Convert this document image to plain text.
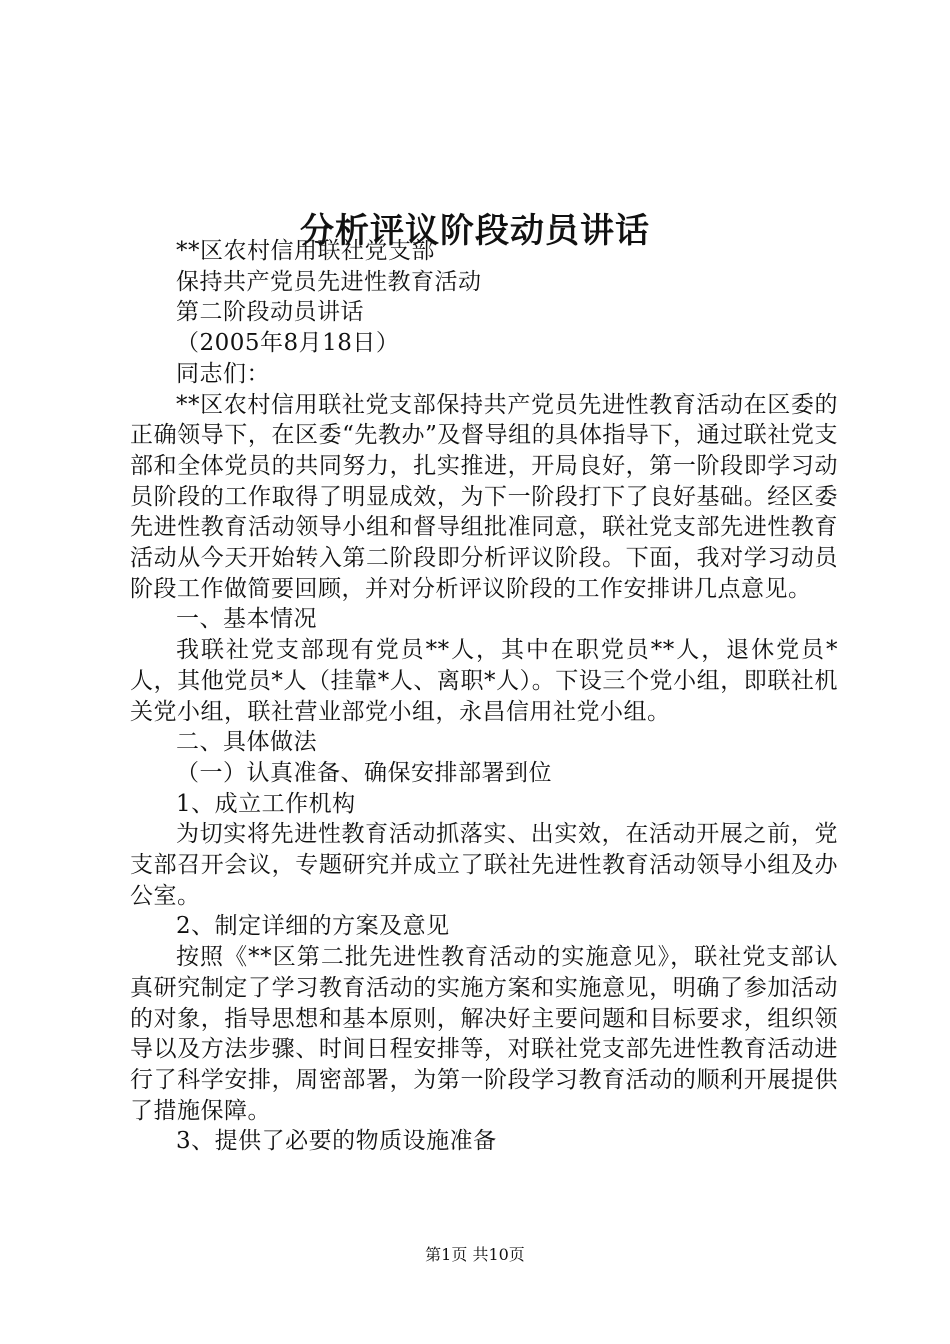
分析评议阶段动员讲话

**区农村信用联社党支部

保持共产党员先进性教育活动

第二阶段动员讲话

（2005年8月18日）

同志们：

**区农村信用联社党支部保持共产党员先进性教育活动在区委的正确领导下，在区委“先教办”及督导组的具体指导下，通过联社党支部和全体党员的共同努力，扎实推进，开局良好，第一阶段即学习动员阶段的工作取得了明显成效，为下一阶段打下了良好基础。经区委先进性教育活动领导小组和督导组批准同意，联社党支部先进性教育活动从今天开始转入第二阶段即分析评议阶段。下面，我对学习动员阶段工作做简要回顾，并对分析评议阶段的工作安排讲几点意见。

一、基本情况

我联社党支部现有党员**人，其中在职党员**人，退休党员*人，其他党员*人（挂靠*人、离职*人）。下设三个党小组，即联社机关党小组，联社营业部党小组，永昌信用社党小组。

二、具体做法

（一）认真准备、确保安排部署到位

1、成立工作机构

为切实将先进性教育活动抓落实、出实效，在活动开展之前，党支部召开会议，专题研究并成立了联社先进性教育活动领导小组及办公室。

2、制定详细的方案及意见

按照《**区第二批先进性教育活动的实施意见》，联社党支部认真研究制定了学习教育活动的实施方案和实施意见，明确了参加活动的对象，指导思想和基本原则，解决好主要问题和目标要求，组织领导以及方法步骤、时间日程安排等，对联社党支部先进性教育活动进行了科学安排，周密部署，为第一阶段学习教育活动的顺利开展提供了措施保障。

3、提供了必要的物质设施准备

第1页 共10页
